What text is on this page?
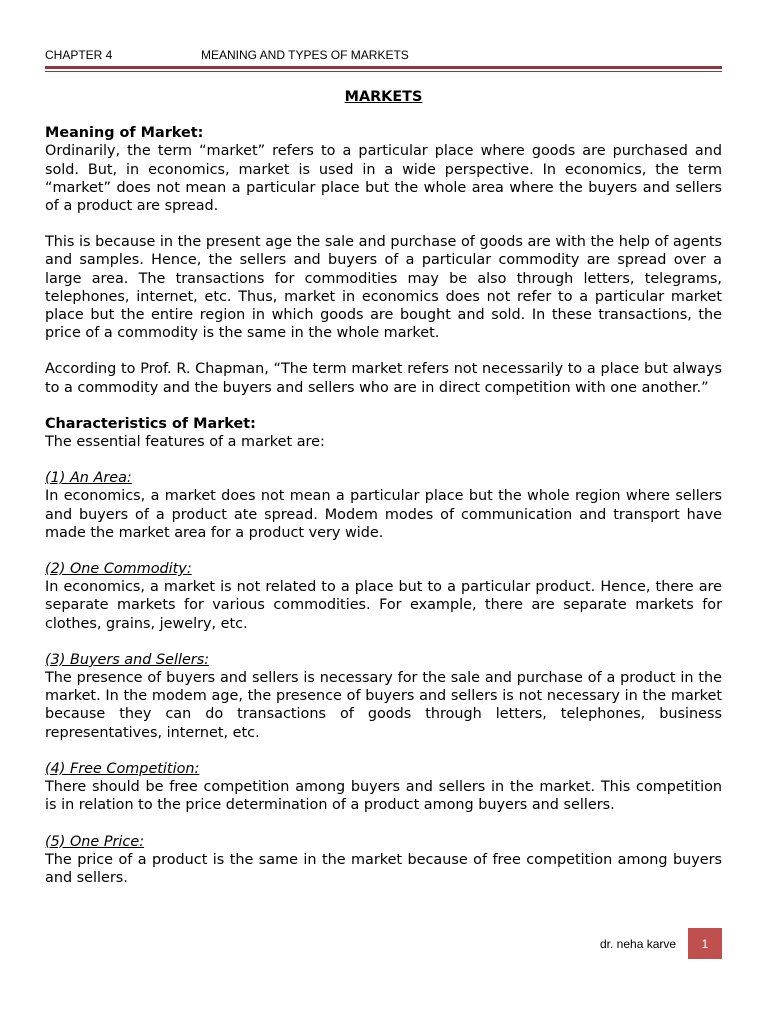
CHAPTER 4	MEANING AND TYPES OF MARKETS
MARKETS
Meaning of Market:

Ordinarily, the term “market” refers to a particular place where goods are purchased and sold. But, in economics, market is used in a wide perspective. In economics, the term “market” does not mean a particular place but the whole area where the buyers and sellers of a product are spread.

This is because in the present age the sale and purchase of goods are with the help of agents and samples. Hence, the sellers and buyers of a particular commodity are spread over a large area. The transactions for commodities may be also through letters, telegrams, telephones, internet, etc. Thus, market in economics does not refer to a particular market place but the entire region in which goods are bought and sold. In these transactions, the price of a commodity is the same in the whole market.

According to Prof. R. Chapman, “The term market refers not necessarily to a place but always to a commodity and the buyers and sellers who are in direct competition with one another.”

Characteristics of Market:

The essential features of a market are:

(1) An Area:

In economics, a market does not mean a particular place but the whole region where sellers and buyers of a product ate spread. Modem modes of communication and transport have made the market area for a product very wide.

(2) One Commodity:

In economics, a market is not related to a place but to a particular product. Hence, there are separate markets for various commodities. For example, there are separate markets for clothes, grains, jewelry, etc.

(3) Buyers and Sellers:

The presence of buyers and sellers is necessary for the sale and purchase of a product in the market. In the modem age, the presence of buyers and sellers is not necessary in the market because they can do transactions of goods through letters, telephones, business representatives, internet, etc.

(4) Free Competition:

There should be free competition among buyers and sellers in the market. This competition is in relation to the price determination of a product among buyers and sellers.

(5) One Price:

The price of a product is the same in the market because of free competition among buyers and sellers.

dr. neha karve 1
